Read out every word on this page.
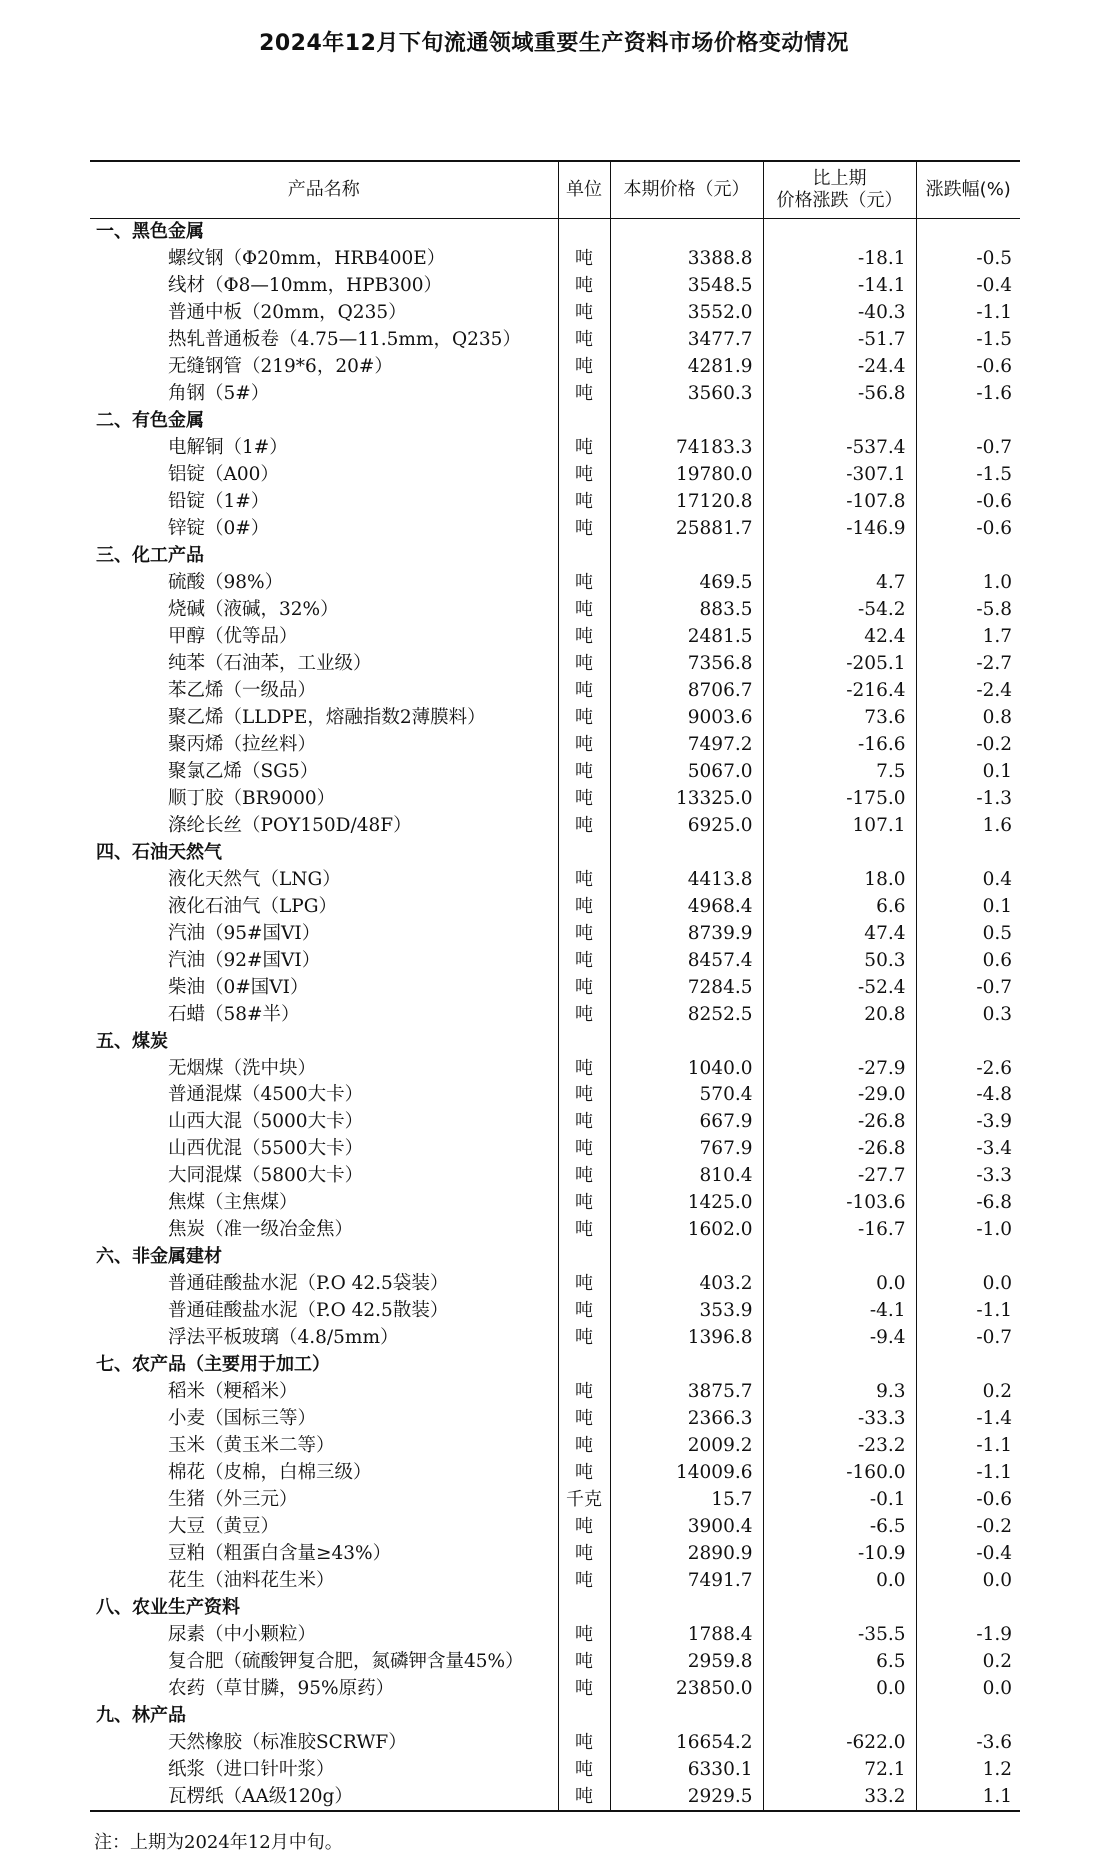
2024年12月下旬流通领域重要生产资料市场价格变动情况
产品名称	单位	本期价格（元）	比上期
价格涨跌（元）	涨跌幅(%)
一、黑色金属				
螺纹钢（Φ20mm，HRB400E）	吨	3388.8	-18.1	-0.5
线材（Φ8—10mm，HPB300）	吨	3548.5	-14.1	-0.4
普通中板（20mm，Q235）	吨	3552.0	-40.3	-1.1
热轧普通板卷（4.75—11.5mm，Q235）	吨	3477.7	-51.7	-1.5
无缝钢管（219*6，20#）	吨	4281.9	-24.4	-0.6
角钢（5#）	吨	3560.3	-56.8	-1.6
二、有色金属				
电解铜（1#）	吨	74183.3	-537.4	-0.7
铝锭（A00）	吨	19780.0	-307.1	-1.5
铅锭（1#）	吨	17120.8	-107.8	-0.6
锌锭（0#）	吨	25881.7	-146.9	-0.6
三、化工产品				
硫酸（98%）	吨	469.5	4.7	1.0
烧碱（液碱，32%）	吨	883.5	-54.2	-5.8
甲醇（优等品）	吨	2481.5	42.4	1.7
纯苯（石油苯，工业级）	吨	7356.8	-205.1	-2.7
苯乙烯（一级品）	吨	8706.7	-216.4	-2.4
聚乙烯（LLDPE，熔融指数2薄膜料）	吨	9003.6	73.6	0.8
聚丙烯（拉丝料）	吨	7497.2	-16.6	-0.2
聚氯乙烯（SG5）	吨	5067.0	7.5	0.1
顺丁胶（BR9000）	吨	13325.0	-175.0	-1.3
涤纶长丝（POY150D/48F）	吨	6925.0	107.1	1.6
四、石油天然气				
液化天然气（LNG）	吨	4413.8	18.0	0.4
液化石油气（LPG）	吨	4968.4	6.6	0.1
汽油（95#国VI）	吨	8739.9	47.4	0.5
汽油（92#国VI）	吨	8457.4	50.3	0.6
柴油（0#国VI）	吨	7284.5	-52.4	-0.7
石蜡（58#半）	吨	8252.5	20.8	0.3
五、煤炭				
无烟煤（洗中块）	吨	1040.0	-27.9	-2.6
普通混煤（4500大卡）	吨	570.4	-29.0	-4.8
山西大混（5000大卡）	吨	667.9	-26.8	-3.9
山西优混（5500大卡）	吨	767.9	-26.8	-3.4
大同混煤（5800大卡）	吨	810.4	-27.7	-3.3
焦煤（主焦煤）	吨	1425.0	-103.6	-6.8
焦炭（准一级冶金焦）	吨	1602.0	-16.7	-1.0
六、非金属建材				
普通硅酸盐水泥（P.O 42.5袋装）	吨	403.2	0.0	0.0
普通硅酸盐水泥（P.O 42.5散装）	吨	353.9	-4.1	-1.1
浮法平板玻璃（4.8/5mm）	吨	1396.8	-9.4	-0.7
七、农产品（主要用于加工）				
稻米（粳稻米）	吨	3875.7	9.3	0.2
小麦（国标三等）	吨	2366.3	-33.3	-1.4
玉米（黄玉米二等）	吨	2009.2	-23.2	-1.1
棉花（皮棉，白棉三级）	吨	14009.6	-160.0	-1.1
生猪（外三元）	千克	15.7	-0.1	-0.6
大豆（黄豆）	吨	3900.4	-6.5	-0.2
豆粕（粗蛋白含量≥43%）	吨	2890.9	-10.9	-0.4
花生（油料花生米）	吨	7491.7	0.0	0.0
八、农业生产资料				
尿素（中小颗粒）	吨	1788.4	-35.5	-1.9
复合肥（硫酸钾复合肥，氮磷钾含量45%）	吨	2959.8	6.5	0.2
农药（草甘膦，95%原药）	吨	23850.0	0.0	0.0
九、林产品				
天然橡胶（标准胶SCRWF）	吨	16654.2	-622.0	-3.6
纸浆（进口针叶浆）	吨	6330.1	72.1	1.2
瓦楞纸（AA级120g）	吨	2929.5	33.2	1.1
注：上期为2024年12月中旬。
